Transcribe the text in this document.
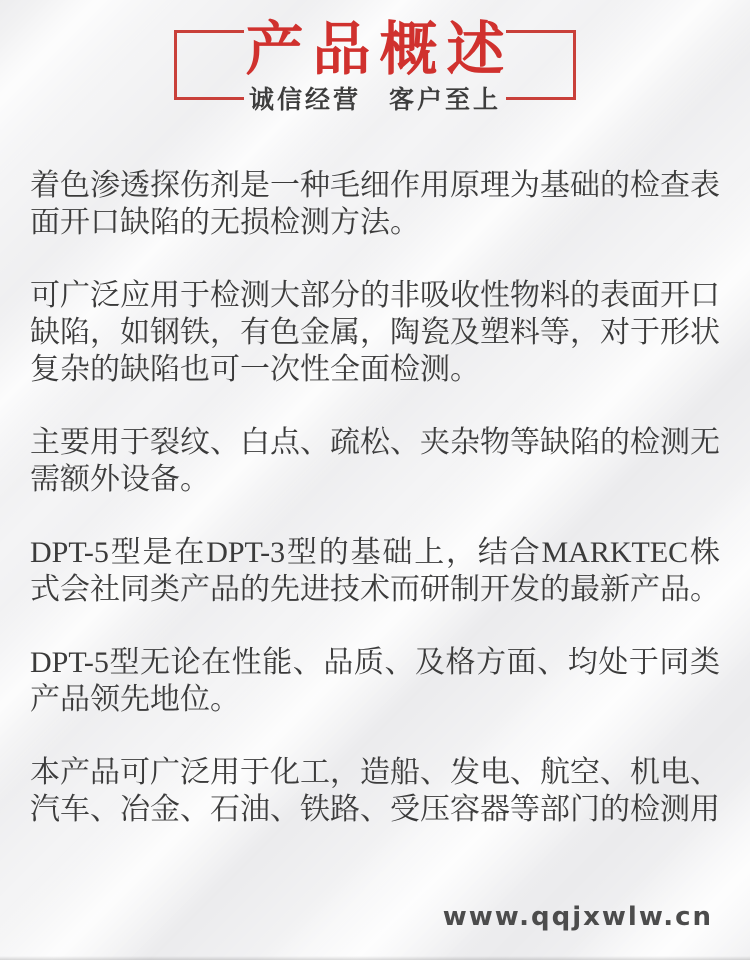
产品概述
诚信经营　客户至上

着色渗透探伤剂是一种毛细作用原理为基础的检查表面开口缺陷的无损检测方法。

可广泛应用于检测大部分的非吸收性物料的表面开口缺陷，如钢铁，有色金属，陶瓷及塑料等，对于形状复杂的缺陷也可一次性全面检测。

主要用于裂纹、白点、疏松、夹杂物等缺陷的检测无需额外设备。

DPT-5型是在DPT-3型的基础上，结合MARKTEC株式会社同类产品的先进技术而研制开发的最新产品。

DPT-5型无论在性能、品质、及格方面、均处于同类产品领先地位。

本产品可广泛用于化工，造船、发电、航空、机电、汽车、冶金、石油、铁路、受压容器等部门的检测用

www.qqjxwlw.cn
